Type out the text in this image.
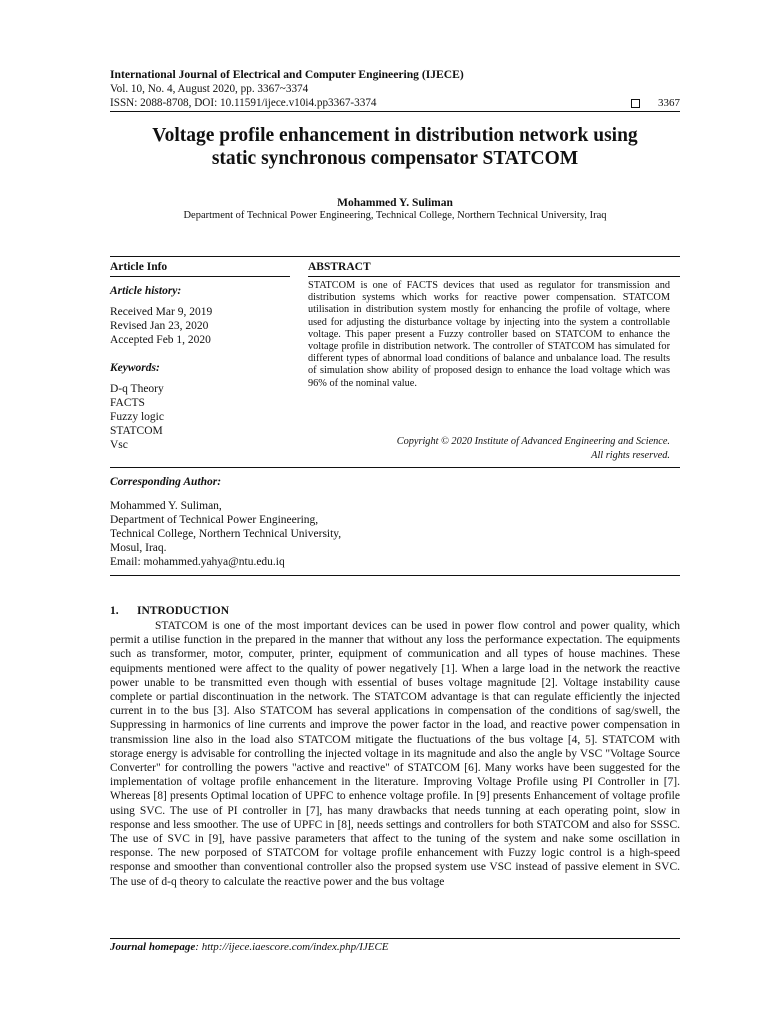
International Journal of Electrical and Computer Engineering (IJECE)
Vol. 10, No. 4, August 2020, pp. 3367~3374
ISSN: 2088-8708, DOI: 10.11591/ijece.v10i4.pp3367-3374	3367
Voltage profile enhancement in distribution network using
static synchronous compensator STATCOM
Mohammed Y. Suliman
Department of Technical Power Engineering, Technical College, Northern Technical University, Iraq
Article Info	ABSTRACT
Article history:
Received Mar 9, 2019
Revised Jan 23, 2020
Accepted Feb 1, 2020
Keywords:
D-q Theory
FACTS
Fuzzy logic
STATCOM
Vsc
STATCOM is one of FACTS devices that used as regulator for transmission and distribution systems which works for reactive power compensation. STATCOM utilisation in distribution system mostly for enhancing the profile of voltage, where used for adjusting the disturbance voltage by injecting into the system a controllable voltage. This paper present a Fuzzy controller based on STATCOM to enhance the voltage profile in distribution network. The controller of STATCOM has simulated for different types of abnormal load conditions of balance and unbalance load. The results of simulation show ability of proposed design to enhance the load voltage which was 96% of the nominal value.
Copyright © 2020 Institute of Advanced Engineering and Science.
All rights reserved.
Corresponding Author:
Mohammed Y. Suliman,
Department of Technical Power Engineering,
Technical College, Northern Technical University,
Mosul, Iraq.
Email: mohammed.yahya@ntu.edu.iq
1. INTRODUCTION
STATCOM is one of the most important devices can be used in power flow control and power quality, which permit a utilise function in the prepared in the manner that without any loss the performance expectation. The equipments such as transformer, motor, computer, printer, equipment of communication and all types of house machines. These equipments mentioned were affect to the quality of power negatively [1]. When a large load in the network the reactive power unable to be transmitted even though with essential of buses voltage magnitude [2]. Voltage instability cause complete or partial discontinuation in the network. The STATCOM advantage is that can regulate efficiently the injected current in to the bus [3]. Also STATCOM has several applications in compensation of the conditions of sag/swell, the Suppressing in harmonics of line currents and improve the power factor in the load, and reactive power compensation in transmission line also in the load also STATCOM mitigate the fluctuations of the bus voltage [4, 5]. STATCOM with storage energy is advisable for controlling the injected voltage in its magnitude and also the angle by VSC "Voltage Source Converter" for controlling the powers "active and reactive" of STATCOM [6]. Many works have been suggested for the implementation of voltage profile enhancement in the literature. Improving Voltage Profile using PI Controller in [7]. Whereas [8] presents Optimal location of UPFC to enhence voltage profile. In [9] presents Enhancement of voltage profile using SVC. The use of PI controller in [7], has many drawbacks that needs tunning at each operating point, slow in response and less smoother. The use of UPFC in [8], needs settings and controllers for both STATCOM and also for SSSC. The use of SVC in [9], have passive parameters that affect to the tuning of the system and nake some oscillation in response. The new porposed of STATCOM for voltage profile enhancement with Fuzzy logic control is a high-speed response and smoother than conventional controller also the propsed system use VSC instead of passive element in SVC. The use of d-q theory to calculate the reactive power and the bus voltage
Journal homepage: http://ijece.iaescore.com/index.php/IJECE
